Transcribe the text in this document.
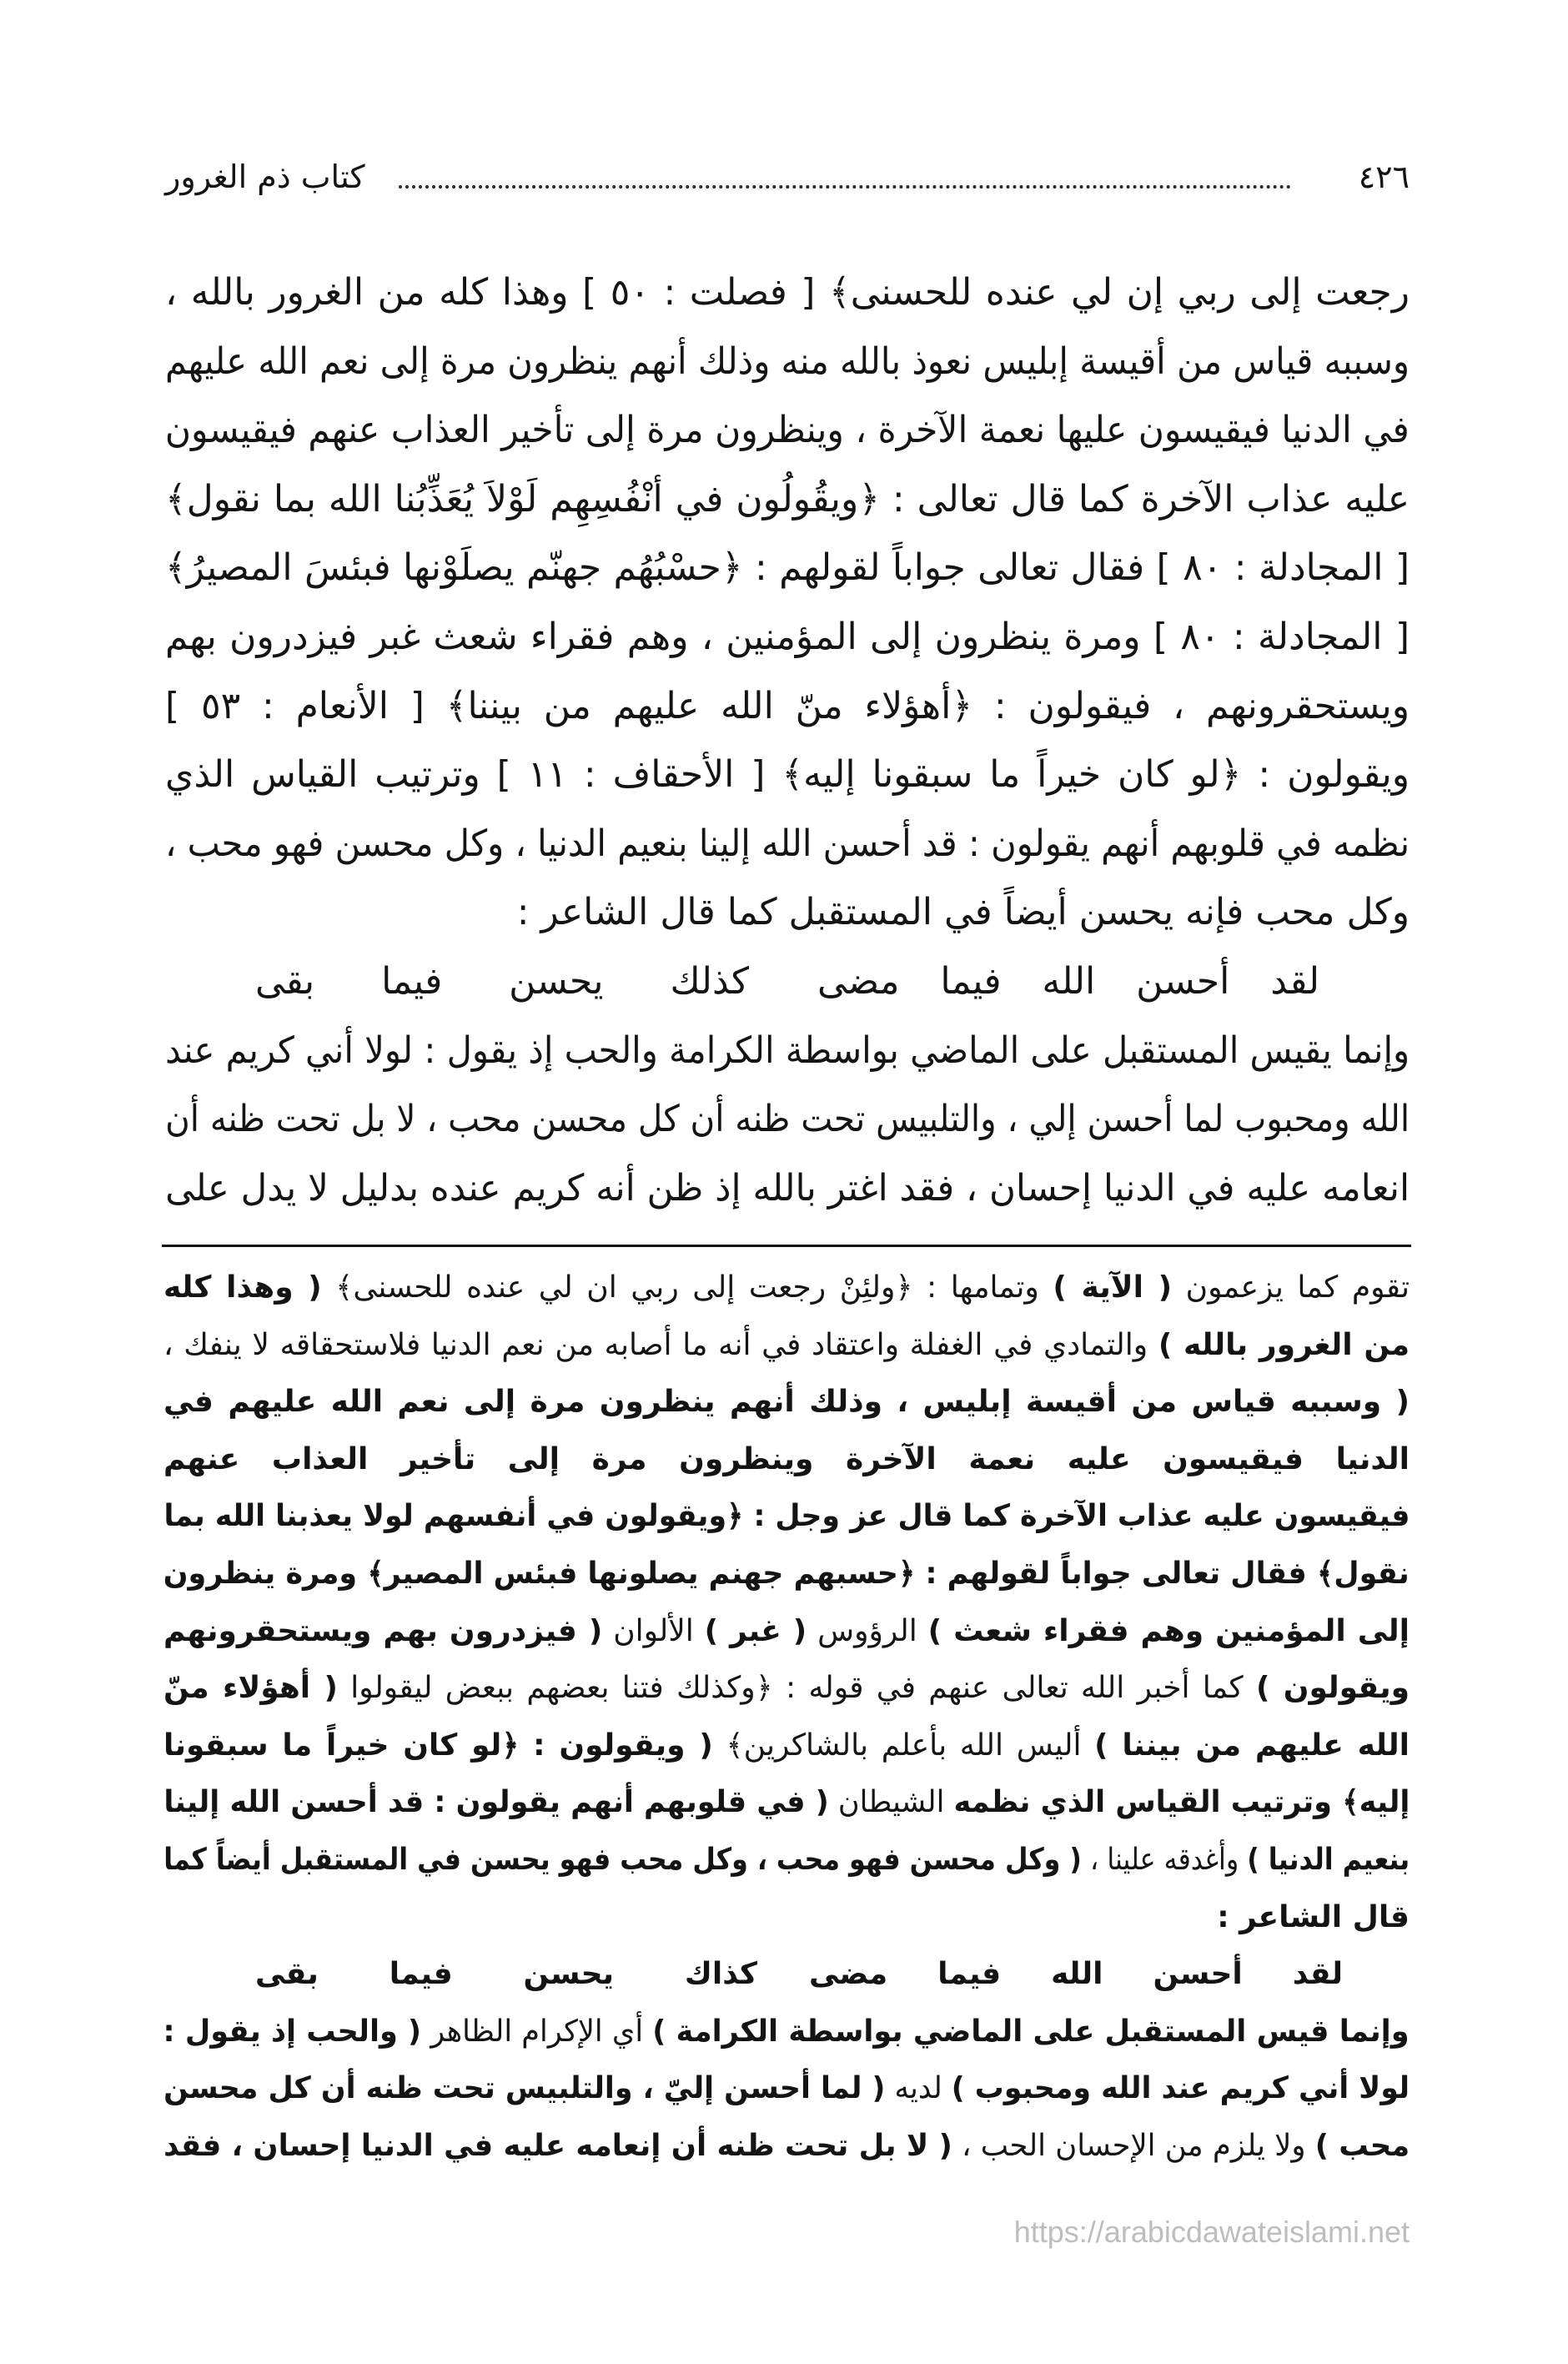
كتاب ذم الغرور	٤٢٦
رجعت إلى ربي إن لي عنده للحسنى﴾ [ فصلت : ٥٠ ] وهذا كله من الغرور بالله ،
وسببه قياس من أقيسة إبليس نعوذ بالله منه وذلك أنهم ينظرون مرة إلى نعم الله عليهم
في الدنيا فيقيسون عليها نعمة الآخرة ، وينظرون مرة إلى تأخير العذاب عنهم فيقيسون
عليه عذاب الآخرة كما قال تعالى : ﴿ويقُولُون في أنْفُسِهِم لَوْلاَ يُعَذِّبُنا الله بما نقول﴾
[ المجادلة : ٨٠ ] فقال تعالى جواباً لقولهم : ﴿حسْبُهُم جهنّم يصلَوْنها فبئسَ المصيرُ﴾
[ المجادلة : ٨٠ ] ومرة ينظرون إلى المؤمنين ، وهم فقراء شعث غبر فيزدرون بهم
ويستحقرونهم ، فيقولون : ﴿أهؤلاء منّ الله عليهم من بيننا﴾ [ الأنعام : ٥٣ ]
ويقولون : ﴿لو كان خيراً ما سبقونا إليه﴾ [ الأحقاف : ١١ ] وترتيب القياس الذي
نظمه في قلوبهم أنهم يقولون : قد أحسن الله إلينا بنعيم الدنيا ، وكل محسن فهو محب ،
وكل محب فإنه يحسن أيضاً في المستقبل كما قال الشاعر :
لقد أحسن الله فيما مضى
كذلك يحسن فيما بقى
وإنما يقيس المستقبل على الماضي بواسطة الكرامة والحب إذ يقول : لولا أني كريم عند
الله ومحبوب لما أحسن إلي ، والتلبيس تحت ظنه أن كل محسن محب ، لا بل تحت ظنه أن
انعامه عليه في الدنيا إحسان ، فقد اغتر بالله إذ ظن أنه كريم عنده بدليل لا يدل على
تقوم كما يزعمون ( الآية ) وتمامها : ﴿ولئِنْ رجعت إلى ربي ان لي عنده للحسنى﴾ ( وهذا كله
من الغرور بالله ) والتمادي في الغفلة واعتقاد في أنه ما أصابه من نعم الدنيا فلاستحقاقه لا ينفك ،
( وسببه قياس من أقيسة إبليس ، وذلك أنهم ينظرون مرة إلى نعم الله عليهم في
الدنيا فيقيسون عليه نعمة الآخرة وينظرون مرة إلى تأخير العذاب عنهم
فيقيسون عليه عذاب الآخرة كما قال عز وجل : ﴿ويقولون في أنفسهم لولا يعذبنا الله بما
نقول﴾ فقال تعالى جواباً لقولهم : ﴿حسبهم جهنم يصلونها فبئس المصير﴾ ومرة ينظرون
إلى المؤمنين وهم فقراء شعث ) الرؤوس ( غبر ) الألوان ( فيزدرون بهم ويستحقرونهم
ويقولون ) كما أخبر الله تعالى عنهم في قوله : ﴿وكذلك فتنا بعضهم ببعض ليقولوا ( أهؤلاء منّ
الله عليهم من بيننا ) أليس الله بأعلم بالشاكرين﴾ ( ويقولون : ﴿لو كان خيراً ما سبقونا
إليه﴾ وترتيب القياس الذي نظمه الشيطان ( في قلوبهم أنهم يقولون : قد أحسن الله إلينا
بنعيم الدنيا ) وأغدقه علينا ، ( وكل محسن فهو محب ، وكل محب فهو يحسن في المستقبل أيضاً كما
قال الشاعر :
لقد أحسن الله فيما مضى
كذاك يحسن فيما بقى
وإنما قيس المستقبل على الماضي بواسطة الكرامة ) أي الإكرام الظاهر ( والحب إذ يقول :
لولا أني كريم عند الله ومحبوب ) لديه ( لما أحسن إليّ ، والتلبيس تحت ظنه أن كل محسن
محب ) ولا يلزم من الإحسان الحب ، ( لا بل تحت ظنه أن إنعامه عليه في الدنيا إحسان ، فقد
https://arabicdawateislami.net
